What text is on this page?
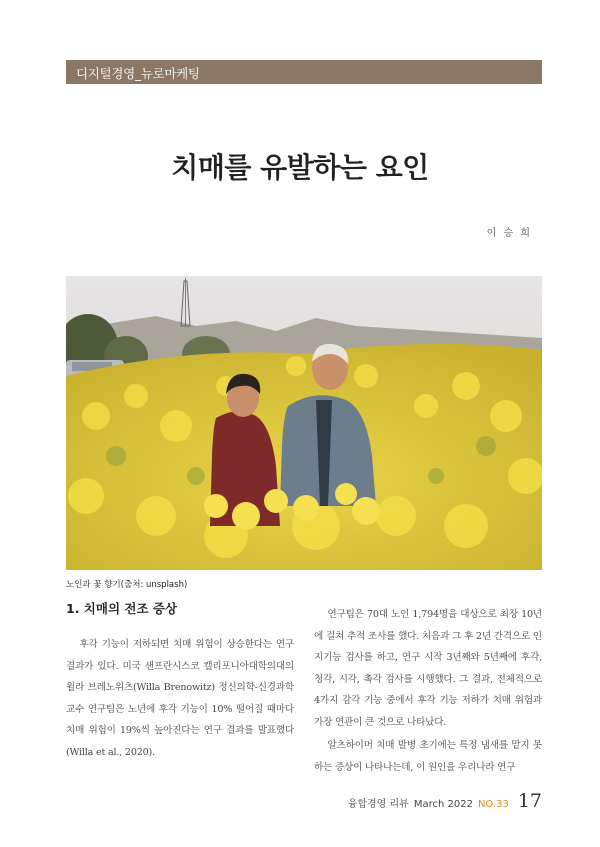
디지털경영_뉴로마케팅
치매를 유발하는 요인
이 승 희
노인과 꽃 향기(출처: unsplash)
1. 치매의 전조 증상

후각 기능이 저하되면 치매 위험이 상승한다는 연구 결과가 있다. 미국 샌프란시스코 캘리포니아대학의대의 윌라 브레노위츠(Willa Brenowitz) 정신의학-신경과학 교수 연구팀은 노년에 후각 기능이 10% 떨어질 때마다 치매 위험이 19%씩 높아진다는 연구 결과를 발표했다(Willa et al., 2020).

연구팀은 70대 노인 1,794명을 대상으로 최장 10년에 걸쳐 추적 조사를 했다. 처음과 그 후 2년 간격으로 인지기능 검사를 하고, 연구 시작 3년째와 5년째에 후각, 청각, 시각, 촉각 검사를 시행했다. 그 결과, 전체적으로 4가지 감각 기능 중에서 후각 기능 저하가 치매 위험과 가장 연관이 큰 것으로 나타났다.

알츠하이머 치매 발병 초기에는 특정 냄새를 맡지 못하는 증상이 나타나는데, 이 원인을 우리나라 연구

융합경영 리뷰 March 2022 NO.33 17
